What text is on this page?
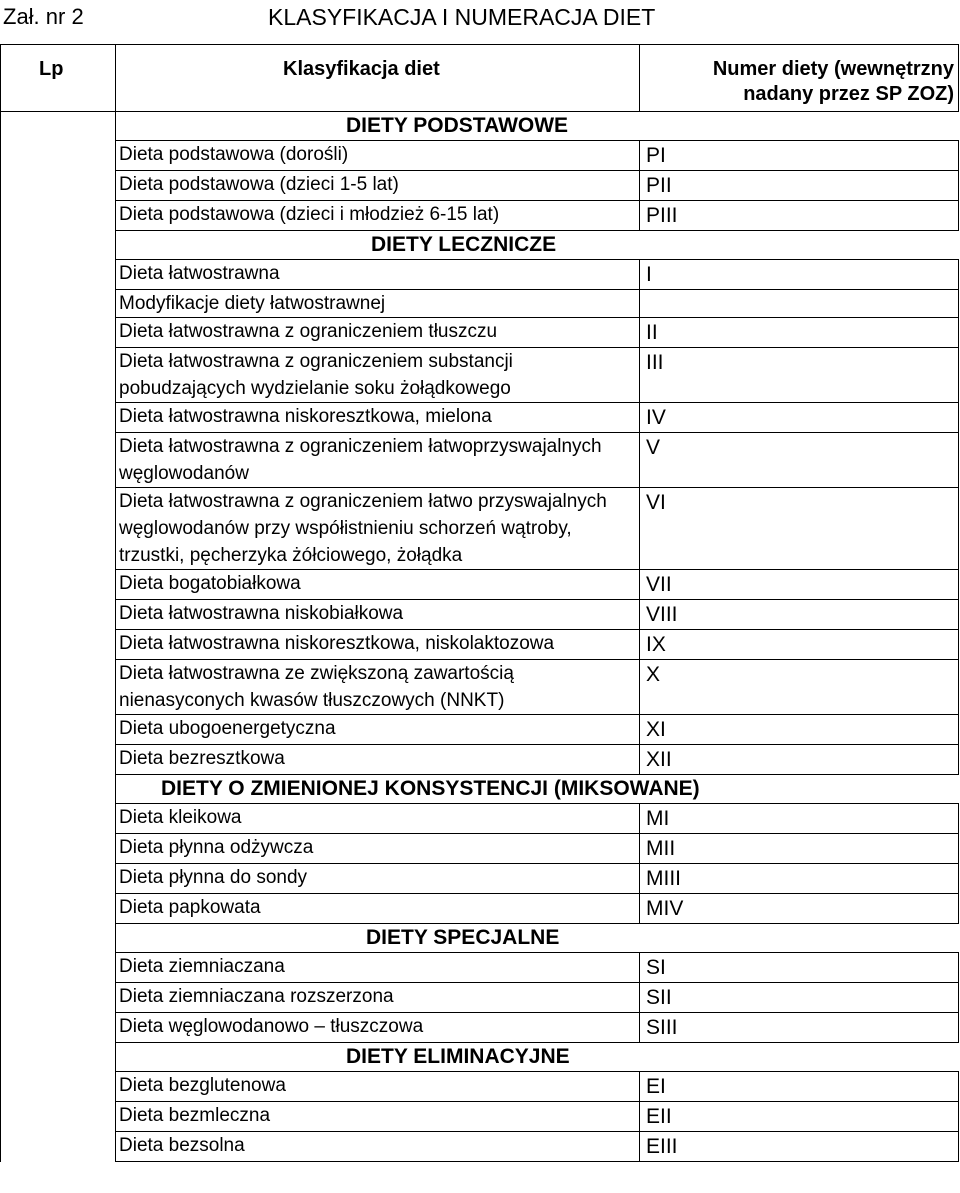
Zał. nr 2	KLASYFIKACJA I NUMERACJA DIET
Lp	Klasyfikacja diet	Numer diety (wewnętrzny nadany przez SP ZOZ)
	DIETY PODSTAWOWE	
	Dieta podstawowa (dorośli)	PI
	Dieta podstawowa (dzieci 1-5 lat)	PII
	Dieta podstawowa (dzieci i młodzież 6-15 lat)	PIII
	DIETY LECZNICZE	
	Dieta łatwostrawna	I
	Modyfikacje diety łatwostrawnej	
	Dieta łatwostrawna z ograniczeniem tłuszczu	II
	Dieta łatwostrawna z ograniczeniem substancji pobudzających wydzielanie soku żołądkowego	III
	Dieta łatwostrawna niskoresztkowa, mielona	IV
	Dieta łatwostrawna z ograniczeniem łatwoprzyswajalnych węglowodanów	V
	Dieta łatwostrawna z ograniczeniem łatwo przyswajalnych węglowodanów przy współistnieniu schorzeń wątroby, trzustki, pęcherzyka żółciowego, żołądka	VI
	Dieta bogatobiałkowa	VII
	Dieta łatwostrawna niskobiałkowa	VIII
	Dieta łatwostrawna niskoresztkowa, niskolaktozowa	IX
	Dieta łatwostrawna ze zwiększoną zawartością nienasyconych kwasów tłuszczowych (NNKT)	X
	Dieta ubogoenergetyczna	XI
	Dieta bezresztkowa	XII
	DIETY O ZMIENIONEJ KONSYSTENCJI (MIKSOWANE)	
	Dieta kleikowa	MI
	Dieta płynna odżywcza	MII
	Dieta płynna do sondy	MIII
	Dieta papkowata	MIV
	DIETY SPECJALNE	
	Dieta ziemniaczana	SI
	Dieta ziemniaczana rozszerzona	SII
	Dieta węglowodanowo – tłuszczowa	SIII
	DIETY ELIMINACYJNE	
	Dieta bezglutenowa	EI
	Dieta bezmleczna	EII
	Dieta bezsolna	EIII
